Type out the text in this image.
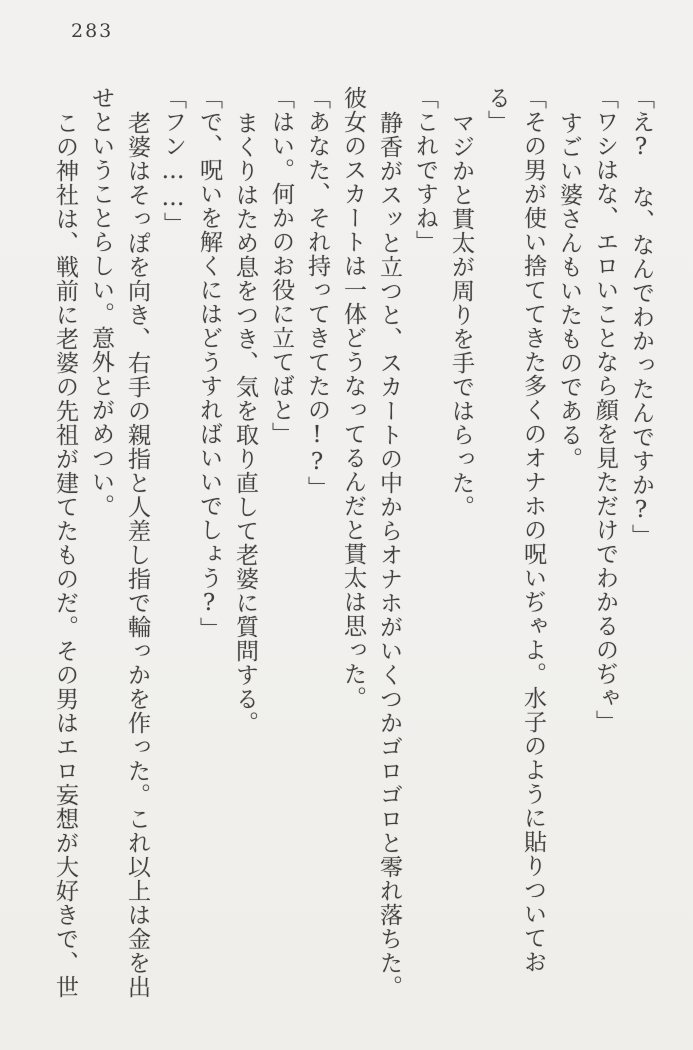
283
「え?　な、なんでわかったんですか?」
「ワシはな、エロいことなら顔を見ただけでわかるのぢゃ」
すごい婆さんもいたものである。
「その男が使い捨ててきた多くのオナホの呪いぢゃよ。水子のように貼りついてお
る」
マジかと貫太が周りを手ではらった。
「これですね」
静香がスッと立つと、スカートの中からオナホがいくつかゴロゴロと零れ落ちた。
彼女のスカートは一体どうなってるんだと貫太は思った。
「あなた、それ持ってきてたの!?」
「はい。何かのお役に立てばと」
まくりはため息をつき、気を取り直して老婆に質問する。
「で、呪いを解くにはどうすればいいでしょう?」
「フン……」
老婆はそっぽを向き、右手の親指と人差し指で輪っかを作った。これ以上は金を出
せということらしい。意外とがめつい。
この神社は、戦前に老婆の先祖が建てたものだ。その男はエロ妄想が大好きで、世
